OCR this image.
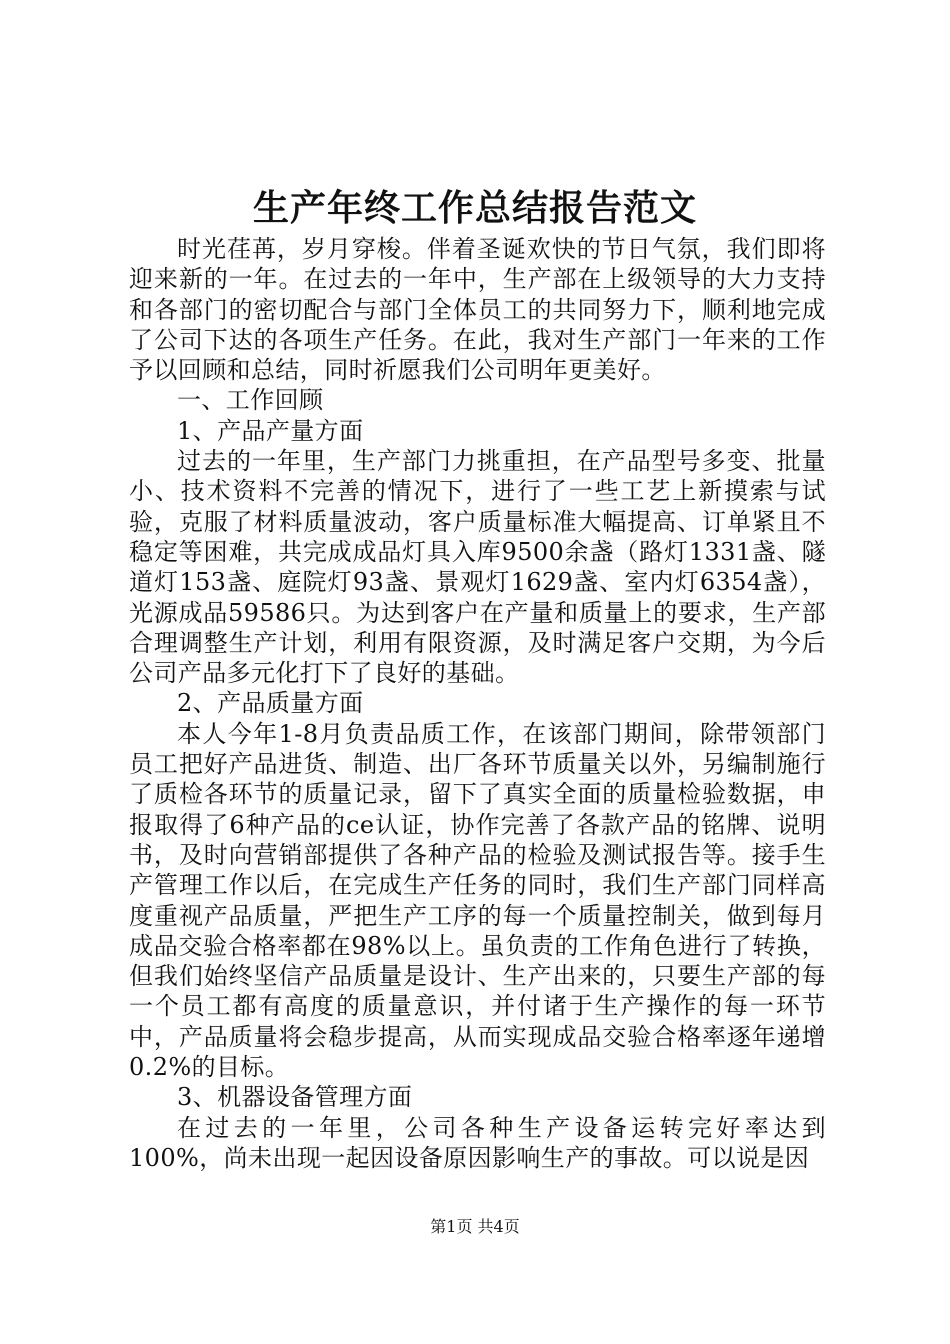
生产年终工作总结报告范文

时光荏苒，岁月穿梭。伴着圣诞欢快的节日气氛，我们即将迎来新的一年。在过去的一年中，生产部在上级领导的大力支持和各部门的密切配合与部门全体员工的共同努力下，顺利地完成了公司下达的各项生产任务。在此，我对生产部门一年来的工作予以回顾和总结，同时祈愿我们公司明年更美好。

一、工作回顾

1、产品产量方面

过去的一年里，生产部门力挑重担，在产品型号多变、批量小、技术资料不完善的情况下，进行了一些工艺上新摸索与试验，克服了材料质量波动，客户质量标准大幅提高、订单紧且不稳定等困难，共完成成品灯具入库9500余盏（路灯1331盏、隧道灯153盏、庭院灯93盏、景观灯1629盏、室内灯6354盏），光源成品59586只。为达到客户在产量和质量上的要求，生产部合理调整生产计划，利用有限资源，及时满足客户交期，为今后公司产品多元化打下了良好的基础。

2、产品质量方面

本人今年1-8月负责品质工作，在该部门期间，除带领部门员工把好产品进货、制造、出厂各环节质量关以外，另编制施行了质检各环节的质量记录，留下了真实全面的质量检验数据，申报取得了6种产品的ce认证，协作完善了各款产品的铭牌、说明书，及时向营销部提供了各种产品的检验及测试报告等。接手生产管理工作以后，在完成生产任务的同时，我们生产部门同样高度重视产品质量，严把生产工序的每一个质量控制关，做到每月成品交验合格率都在98%以上。虽负责的工作角色进行了转换，但我们始终坚信产品质量是设计、生产出来的，只要生产部的每一个员工都有高度的质量意识，并付诸于生产操作的每一环节中，产品质量将会稳步提高，从而实现成品交验合格率逐年递增0.2%的目标。

3、机器设备管理方面

在过去的一年里，公司各种生产设备运转完好率达到100%，尚未出现一起因设备原因影响生产的事故。可以说是因

第1页 共4页
